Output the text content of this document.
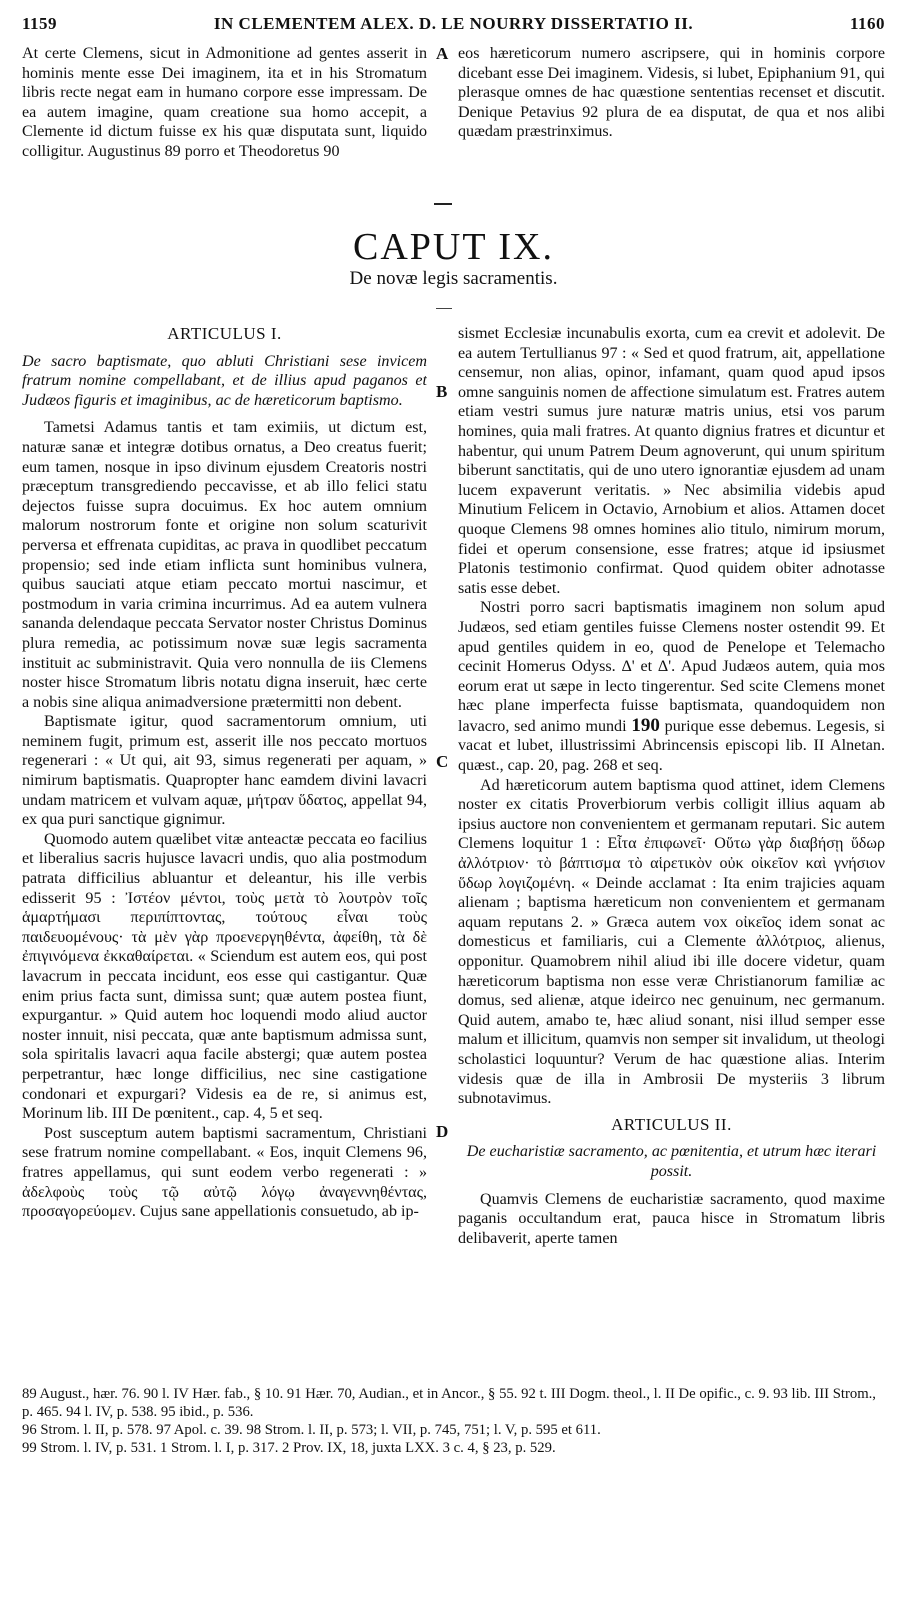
1159	IN CLEMENTEM ALEX. D. LE NOURRY DISSERTATIO II.	1160

At certe Clemens, sicut in Admonitione ad gentes asserit in hominis mente esse Dei imaginem, ita et in his Stromatum libris recte negat eam in humano corpore esse impressam. De ea autem imagine, quam creatione sua homo accepit, a Clemente id dictum fuisse ex his quæ disputata sunt, liquido colligitur. Augustinus 89 porro et Theodoretus 90

A eos hæreticorum numero ascripsere, qui in hominis corpore dicebant esse Dei imaginem. Videsis, si lubet, Epiphanium 91, qui plerasque omnes de hac quæstione sententias recenset et discutit. Denique Petavius 92 plura de ea disputat, de qua et nos alibi quædam præstrinximus.

CAPUT IX.
De novæ legis sacramentis.
ARTICULUS I.
De sacro baptismate, quo abluti Christiani sese invicem fratrum nomine compellabant, et de illius apud paganos et Judæos figuris et imaginibus, ac de hæreticorum baptismo.

Tametsi Adamus tantis et tam eximiis, ut dictum est, naturæ sanæ et integræ dotibus ornatus, a Deo creatus fuerit; eum tamen, nosque in ipso divinum ejusdem Creatoris nostri præceptum transgrediendo peccavisse, et ab illo felici statu dejectos fuisse supra docuimus. Ex hoc autem omnium malorum nostrorum fonte et origine non solum scaturivit perversa et effrenata cupiditas, ac prava in quodlibet peccatum propensio; sed inde etiam inflicta sunt hominibus vulnera, quibus sauciati atque etiam peccato mortui nascimur, et postmodum in varia crimina incurrimus. Ad ea autem vulnera sananda delendaque peccata Servator noster Christus Dominus plura remedia, ac potissimum novæ suæ legis sacramenta instituit ac subministravit. Quia vero nonnulla de iis Clemens noster hisce Stromatum libris notatu digna inseruit, hæc certe a nobis sine aliqua animadversione prætermitti non debent.

Baptismate igitur, quod sacramentorum omnium, uti neminem fugit, primum est, asserit ille nos peccato mortuos regenerari : « Ut qui, ait 93, simus regenerati per aquam, » nimirum baptismatis. Quapropter hanc eamdem divini lavacri undam matricem et vulvam aquæ, μήτραν ὕδατος, appellat 94, ex qua puri sanctique gignimur.

Quomodo autem quælibet vitæ anteactæ peccata eo facilius et liberalius sacris hujusce lavacri undis, quo alia postmodum patrata difficilius abluantur et deleantur, his ille verbis edisserit 95 : Ἰστέον μέντοι, τοὺς μετὰ τὸ λουτρὸν τοῖς ἁμαρτήμασι περιπίπτοντας, τούτους εἶναι τοὺς παιδευομένους· τὰ μὲν γὰρ προενεργηθέντα, ἀφείθη, τὰ δὲ ἐπιγινόμενα ἐκκαθαίρεται. « Sciendum est autem eos, qui post lavacrum in peccata incidunt, eos esse qui castigantur. Quæ enim prius facta sunt, dimissa sunt; quæ autem postea fiunt, expurgantur. » Quid autem hoc loquendi modo aliud auctor noster innuit, nisi peccata, quæ ante baptismum admissa sunt, sola spiritalis lavacri aqua facile abstergi; quæ autem postea perpetrantur, hæc longe difficilius, nec sine castigatione condonari et expurgari? Videsis ea de re, si animus est, Morinum lib. III De pœnitent., cap. 4, 5 et seq.

Post susceptum autem baptismi sacramentum, Christiani sese fratrum nomine compellabant. « Eos, inquit Clemens 96, fratres appellamus, qui sunt eodem verbo regenerati : » ἀδελφοὺς τοὺς τῷ αὐτῷ λόγῳ ἀναγεννηθέντας, προσαγορεύομεν. Cujus sane appellationis consuetudo, ab ip-

B
C
D

sismet Ecclesiæ incunabulis exorta, cum ea crevit et adolevit. De ea autem Tertullianus 97 : « Sed et quod fratrum, ait, appellatione censemur, non alias, opinor, infamant, quam quod apud ipsos omne sanguinis nomen de affectione simulatum est. Fratres autem etiam vestri sumus jure naturæ matris unius, etsi vos parum homines, quia mali fratres. At quanto dignius fratres et dicuntur et habentur, qui unum Patrem Deum agnoverunt, qui unum spiritum biberunt sanctitatis, qui de uno utero ignorantiæ ejusdem ad unam lucem expaverunt veritatis. » Nec absimilia videbis apud Minutium Felicem in Octavio, Arnobium et alios. Attamen docet quoque Clemens 98 omnes homines alio titulo, nimirum morum, fidei et operum consensione, esse fratres; atque id ipsiusmet Platonis testimonio confirmat. Quod quidem obiter adnotasse satis esse debet.

Nostri porro sacri baptismatis imaginem non solum apud Judæos, sed etiam gentiles fuisse Clemens noster ostendit 99. Et apud gentiles quidem in eo, quod de Penelope et Telemacho cecinit Homerus Odyss. Δ' et Δ'. Apud Judæos autem, quia mos eorum erat ut sæpe in lecto tingerentur. Sed scite Clemens monet hæc plane imperfecta fuisse baptismata, quandoquidem non lavacro, sed animo mundi 190 purique esse debemus. Legesis, si vacat et lubet, illustrissimi Abrincensis episcopi lib. II Alnetan. quæst., cap. 20, pag. 268 et seq.

Ad hæreticorum autem baptisma quod attinet, idem Clemens noster ex citatis Proverbiorum verbis colligit illius aquam ab ipsius auctore non convenientem et germanam reputari. Sic autem Clemens loquitur 1 : Εἶτα ἐπιφωνεῖ· Οὕτω γὰρ διαβήσῃ ὕδωρ ἀλλότριον· τὸ βάπτισμα τὸ αἱρετικὸν οὐκ οἰκεῖον καὶ γνήσιον ὕδωρ λογιζομένη. « Deinde acclamat : Ita enim trajicies aquam alienam ; baptisma hæreticum non convenientem et germanam aquam reputans 2. » Græca autem vox οἰκεῖος idem sonat ac domesticus et familiaris, cui a Clemente ἀλλότριος, alienus, opponitur. Quamobrem nihil aliud ibi ille docere videtur, quam hæreticorum baptisma non esse veræ Christianorum familiæ ac domus, sed alienæ, atque ideirco nec genuinum, nec germanum. Quid autem, amabo te, hæc aliud sonant, nisi illud semper esse malum et illicitum, quamvis non semper sit invalidum, ut theologi scholastici loquuntur? Verum de hac quæstione alias. Interim videsis quæ de illa in Ambrosii De mysteriis 3 librum subnotavimus.

ARTICULUS II.
De eucharistiæ sacramento, ac pœnitentia, et utrum hæc iterari possit.

Quamvis Clemens de eucharistiæ sacramento, quod maxime paganis occultandum erat, pauca hisce in Stromatum libris delibaverit, aperte tamen

89 August., hær. 76. 90 l. IV Hær. fab., § 10. 91 Hær. 70, Audian., et in Ancor., § 55. 92 t. III Dogm. theol., l. II De opific., c. 9. 93 lib. III Strom., p. 465. 94 l. IV, p. 538. 95 ibid., p. 536.
96 Strom. l. II, p. 578. 97 Apol. c. 39. 98 Strom. l. II, p. 573; l. VII, p. 745, 751; l. V, p. 595 et 611.
99 Strom. l. IV, p. 531. 1 Strom. l. I, p. 317. 2 Prov. IX, 18, juxta LXX. 3 c. 4, § 23, p. 529.
